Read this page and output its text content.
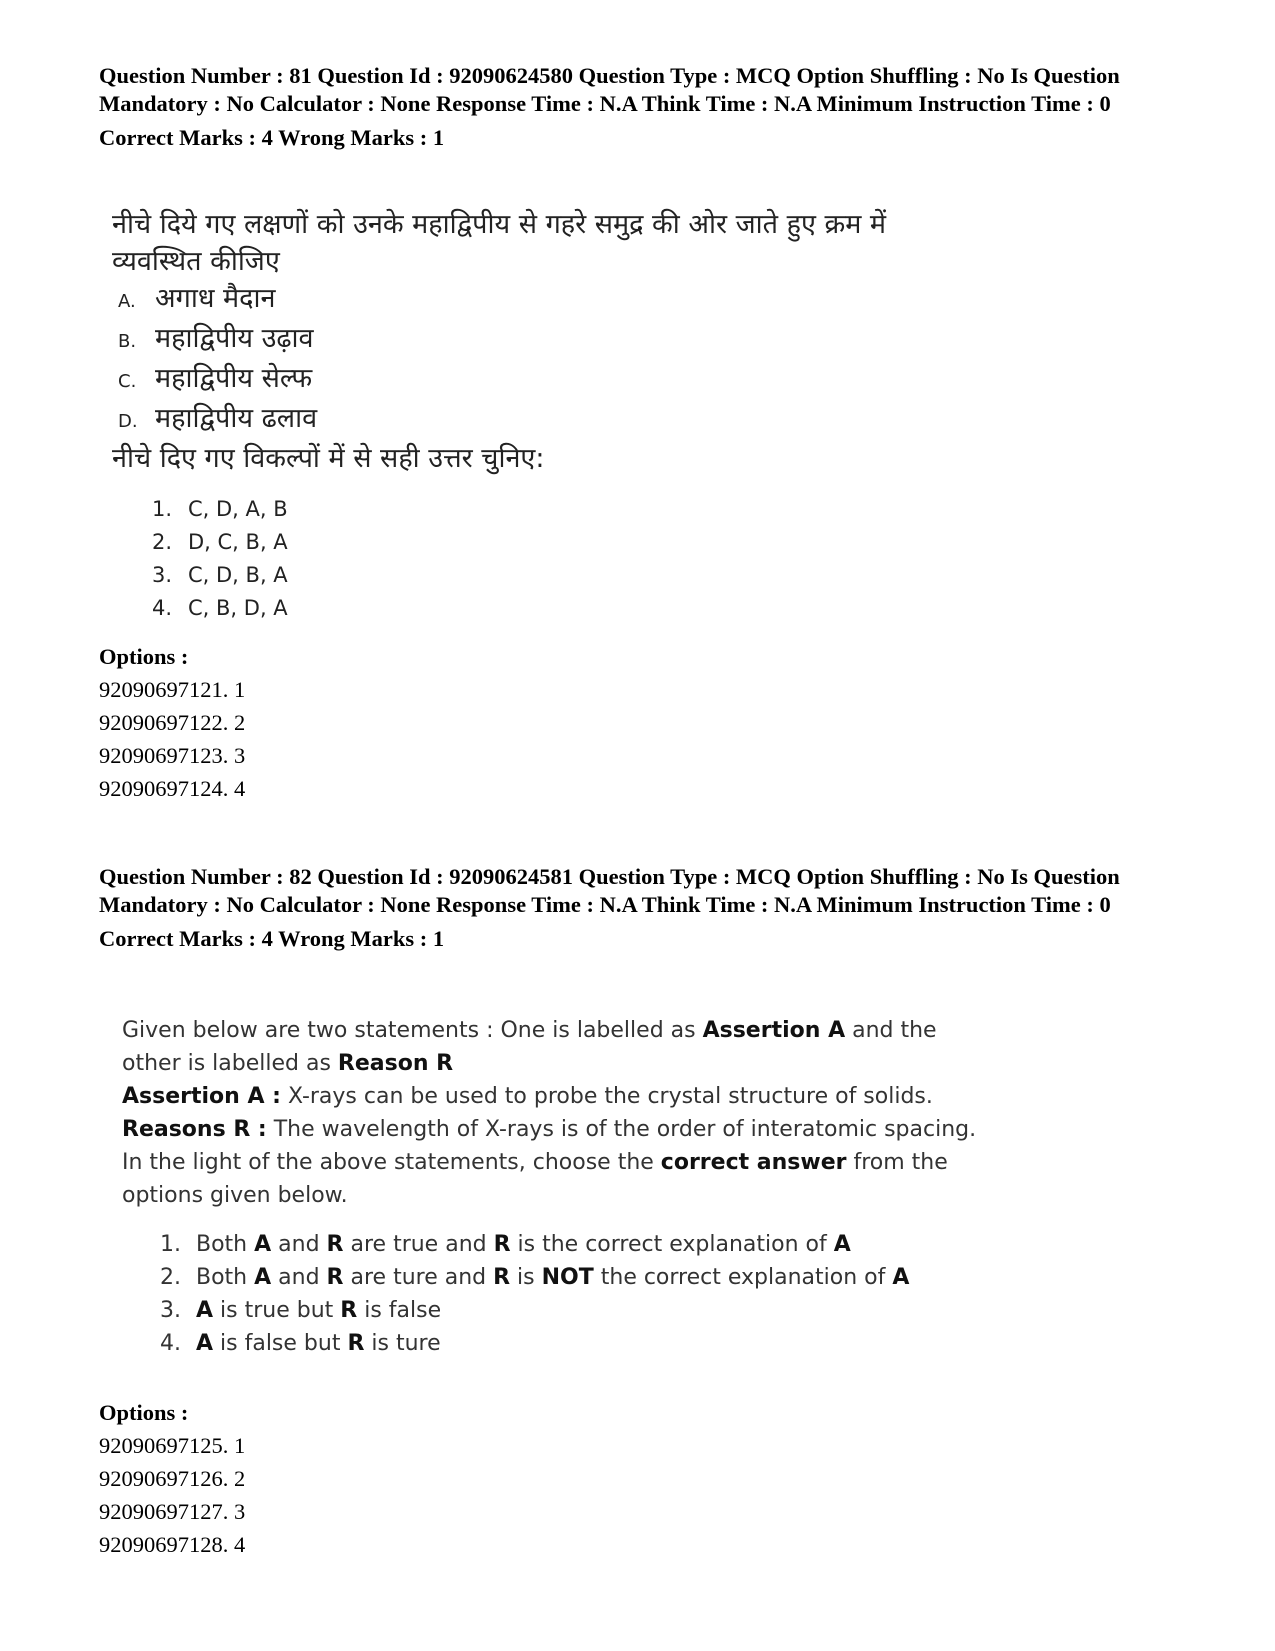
Question Number : 81 Question Id : 92090624580 Question Type : MCQ Option Shuffling : No Is Question Mandatory : No Calculator : None Response Time : N.A Think Time : N.A Minimum Instruction Time : 0

Correct Marks : 4 Wrong Marks : 1
नीचे दिये गए लक्षणों को उनके महाद्विपीय से गहरे समुद्र की ओर जाते हुए क्रम में व्यवस्थित कीजिए
A. अगाध मैदान
B. महाद्विपीय उढ़ाव
C. महाद्विपीय सेल्फ
D. महाद्विपीय ढलाव
नीचे दिए गए विकल्पों में से सही उत्तर चुनिए:
1. C, D, A, B
2. D, C, B, A
3. C, D, B, A
4. C, B, D, A
Options :
92090697121. 1
92090697122. 2
92090697123. 3
92090697124. 4

Question Number : 82 Question Id : 92090624581 Question Type : MCQ Option Shuffling : No Is Question Mandatory : No Calculator : None Response Time : N.A Think Time : N.A Minimum Instruction Time : 0

Correct Marks : 4 Wrong Marks : 1
Given below are two statements : One is labelled as Assertion A and the other is labelled as Reason R
Assertion A : X-rays can be used to probe the crystal structure of solids.
Reasons R : The wavelength of X-rays is of the order of interatomic spacing.
In the light of the above statements, choose the correct answer from the options given below.
1. Both A and R are true and R is the correct explanation of A
2. Both A and R are ture and R is NOT the correct explanation of A
3. A is true but R is false
4. A is false but R is ture
Options :
92090697125. 1
92090697126. 2
92090697127. 3
92090697128. 4
